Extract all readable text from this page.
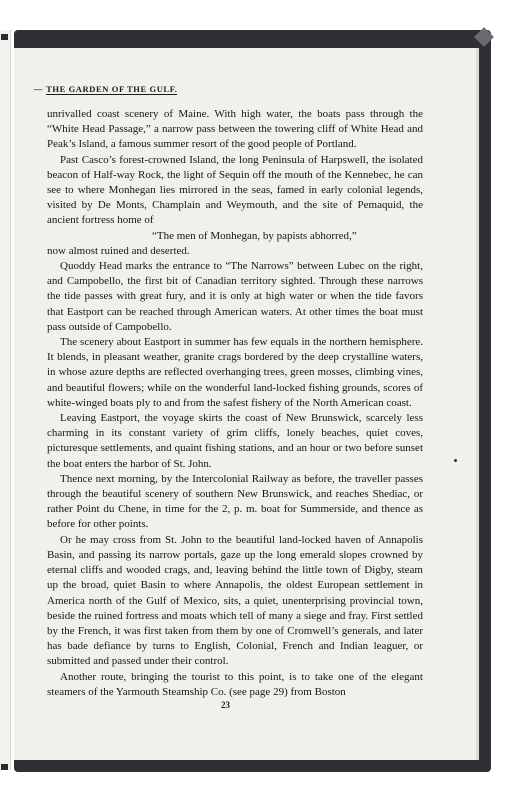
— THE GARDEN OF THE GULF.

unrivalled coast scenery of Maine. With high water, the boats pass through the “White Head Passage,” a narrow pass between the towering cliff of White Head and Peak’s Island, a famous summer resort of the good people of Portland.

Past Casco’s forest-crowned Island, the long Peninsula of Harpswell, the isolated beacon of Half-way Rock, the light of Sequin off the mouth of the Kennebec, he can see to where Monhegan lies mirrored in the seas, famed in early colonial legends, visited by De Monts, Champlain and Weymouth, and the site of Pemaquid, the ancient fortress home of

“The men of Monhegan, by papists abhorred,”

now almost ruined and deserted.

Quoddy Head marks the entrance to “The Narrows” between Lubec on the right, and Campobello, the first bit of Canadian territory sighted. Through these narrows the tide passes with great fury, and it is only at high water or when the tide favors that Eastport can be reached through American waters. At other times the boat must pass outside of Campobello.

The scenery about Eastport in summer has few equals in the northern hemisphere. It blends, in pleasant weather, granite crags bordered by the deep crystalline waters, in whose azure depths are reflected overhanging trees, green mosses, climbing vines, and beautiful flowers; while on the wonderful land-locked fishing grounds, scores of white-winged boats ply to and from the safest fishery of the North American coast.

Leaving Eastport, the voyage skirts the coast of New Brunswick, scarcely less charming in its constant variety of grim cliffs, lonely beaches, quiet coves, picturesque settlements, and quaint fishing stations, and an hour or two before sunset the boat enters the harbor of St. John.

Thence next morning, by the Intercolonial Railway as before, the traveller passes through the beautiful scenery of southern New Brunswick, and reaches Shediac, or rather Point du Chene, in time for the 2, p. m. boat for Summerside, and thence as before for other points.

Or he may cross from St. John to the beautiful land-locked haven of Annapolis Basin, and passing its narrow portals, gaze up the long emerald slopes crowned by eternal cliffs and wooded crags, and, leaving behind the little town of Digby, steam up the broad, quiet Basin to where Annapolis, the oldest European settlement in America north of the Gulf of Mexico, sits, a quiet, unenterprising provincial town, beside the ruined fortress and moats which tell of many a siege and fray. First settled by the French, it was first taken from them by one of Cromwell’s generals, and later has bade defiance by turns to English, Colonial, French and Indian leaguer, or submitted and passed under their control.

Another route, bringing the tourist to this point, is to take one of the elegant steamers of the Yarmouth Steamship Co. (see page 29) from Boston

23
